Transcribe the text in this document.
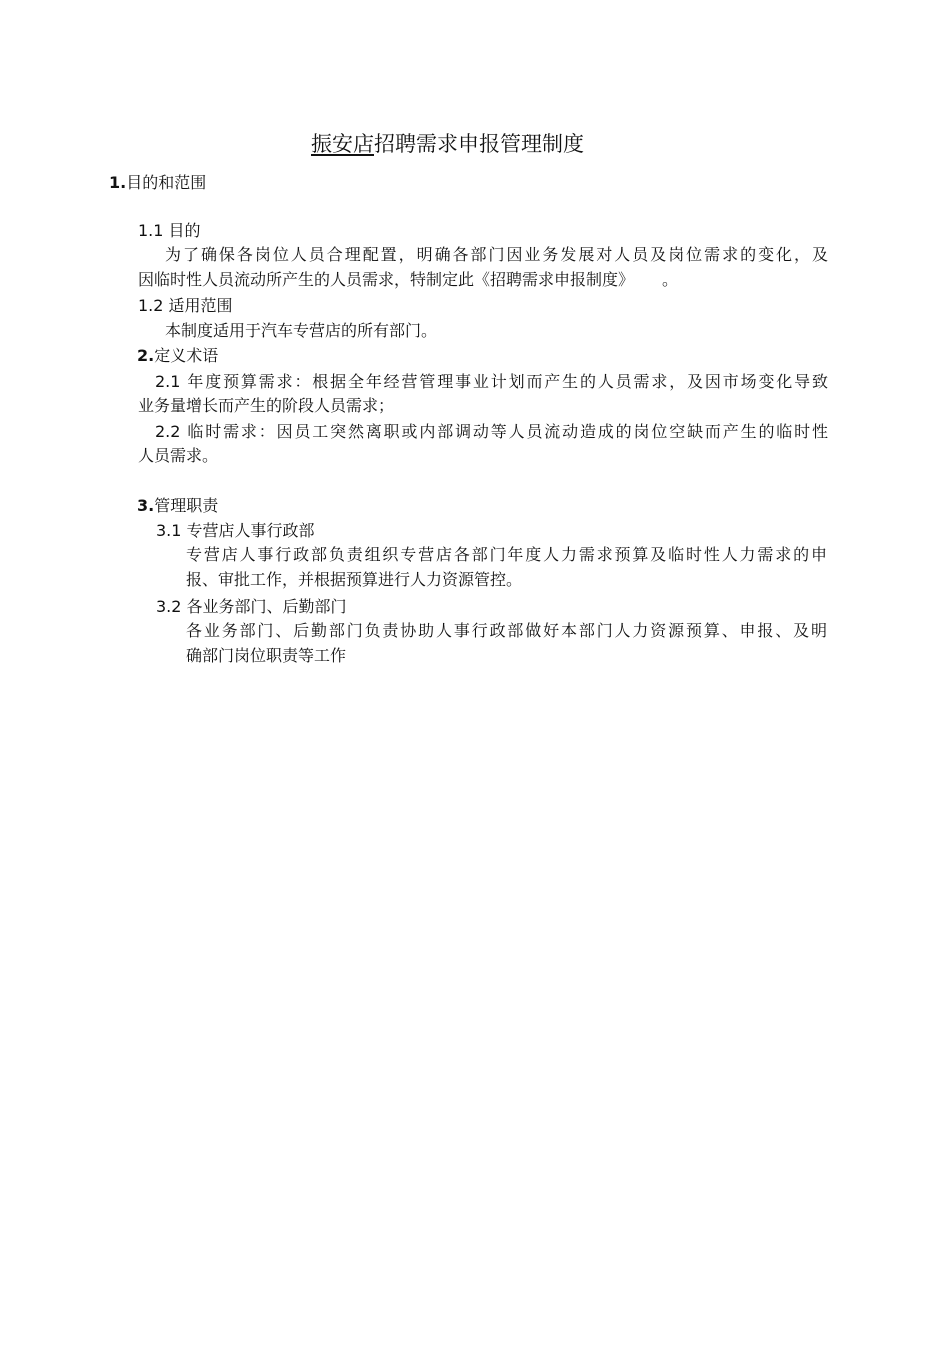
振安店招聘需求申报管理制度
1.目的和范围
1.1 目的
为了确保各岗位人员合理配置，明确各部门因业务发展对人员及岗位需求的变化，及
因临时性人员流动所产生的人员需求，特制定此《招聘需求申报制度》 。
1.2 适用范围
本制度适用于汽车专营店的所有部门。
2.定义术语
2.1 年度预算需求：根据全年经营管理事业计划而产生的人员需求，及因市场变化导致
业务量增长而产生的阶段人员需求；
2.2 临时需求：因员工突然离职或内部调动等人员流动造成的岗位空缺而产生的临时性
人员需求。
3.管理职责
3.1 专营店人事行政部
专营店人事行政部负责组织专营店各部门年度人力需求预算及临时性人力需求的申
报、审批工作，并根据预算进行人力资源管控。
3.2 各业务部门、后勤部门
各业务部门、后勤部门负责协助人事行政部做好本部门人力资源预算、申报、及明
确部门岗位职责等工作
